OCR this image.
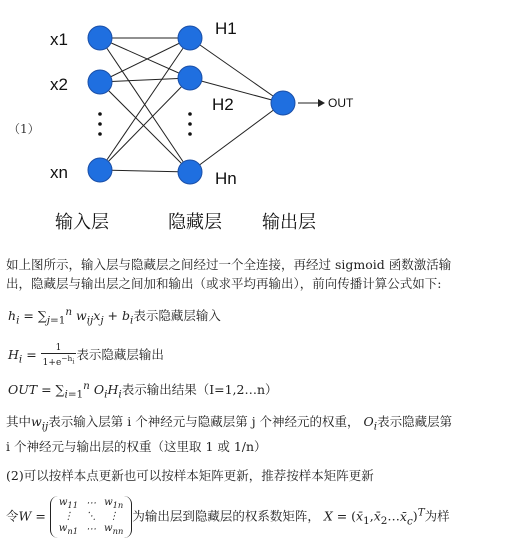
（1）
x1
x2
xn
H1
H2
Hn
OUT
输入层	隐藏层 输出层
如上图所示，输入层与隐藏层之间经过一个全连接，再经过 sigmoid 函数激活输
出，隐藏层与输出层之间加和输出（或求平均再输出），前向传播计算公式如下:
$h_i = \sum_{j=1}^n$ $w_{ij}x_j + b_i$表示隐藏层输入
$H_i = \frac{1}{1+e^{-h_i}}$ 表示隐藏层输出
OUT = $\sum_{i=1}^n$ $O_iH_i$表示输出结果（I=1,2…n）
其中$w_{ij}$表示输入层第 i 个神经元与隐藏层第 j 个神经元的权重， $O_i$表示隐藏层第
i 个神经元与输出层的权重（这里取 1 或 1/n）
(2)可以按样本点更新也可以按样本矩阵更新，推荐按样本矩阵更新
令W =
$w_{11}$	⋯	$w_{1n}$
⋮	⋱	⋮
$w_{n1}$	⋯	$w_{nn}$
为输出层到隐藏层的权系数矩阵， $X = (x̄_1,x̄_2\dots x̄_c)^T$为样
